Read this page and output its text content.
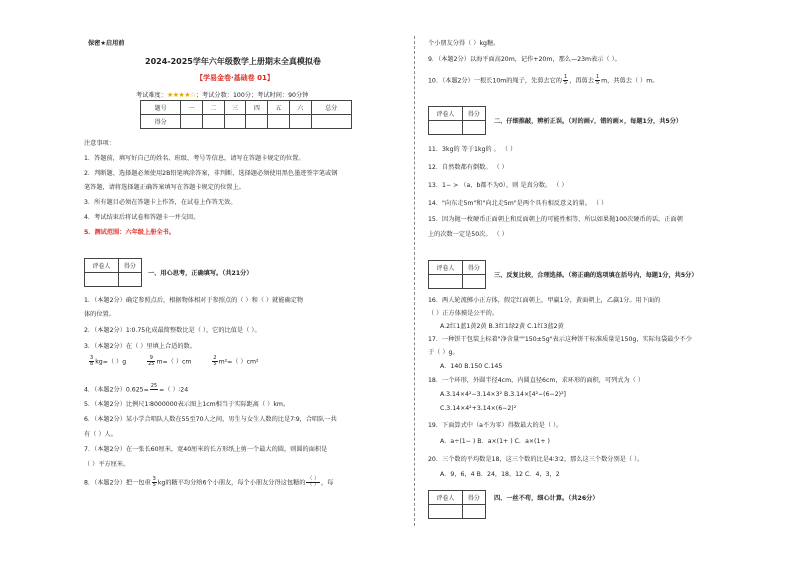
保密★启用前
2024-2025学年六年级数学上册期末全真模拟卷
【学易金卷·基础卷 01】
考试难度：★★★★☆；考试分数：100分；考试时间：90分钟
题号	一	二	三	四	五	六	总分
得分							
注意事项：
1．答题前，填写好自己的姓名、班级、考号等信息，请写在答题卡规定的位置。
2．判断题、选择题必须使用2B铅笔填涂答案，非判断、选择题必须使用黑色墨迹签字笔或钢
笔答题，请将选择题正确答案填写在答题卡规定的位置上。
3．所有题目必须在答题卡上作答，在试卷上作答无效。
4．考试结束后将试卷和答题卡一并交回。
5．测试范围：六年级上册全书。
评卷人	得分

一、用心思考，正确填写。（共21分）
1．（本题2分）确定参照点后，根据物体相对于参照点的（ ）和（ ）就能确定物
体的位置。
2．（本题2分）1∶0.75化成最简整数比是（ ），它的比值是（ ）。
3．（本题2分）在（ ）里填上合适的数。
$\frac{3}{8} kg=$（ ）g	$\frac{9}{25} m=$（ ）cm	$\frac{2}{5} m^2=$（ ）cm²
4．（本题2分）0.625=
25

=（ ）∶24
5．（本题2分）比例尺1∶8000000表示图上1cm相当于实际距离（ ）km。
6．（本题2分）某小学合唱队人数在55至70人之间，男生与女生人数的比是7∶9，合唱队一共
有（ ）人。
7．（本题2分）在一张长60厘米，宽40厘米的长方形纸上剪一个最大的圆，则圆的面积是
（ ）平方厘米。
8．（本题2分）把一包重 $\frac{3}{5}$ kg的糖平均分给6个小朋友，每个小朋友分得这包糖的 $\frac{( )}{( )}$ ，每
个小朋友分得（ ）kg糖。
9．（本题2分）以海平面高20m，记作+20m，那么—23m表示（ ）。
10．（本题2分）一根长10m的绳子，先剪去它的 $\frac{1}{5}$ ，再剪去 $\frac{1}{5}$ m，共剪去（ ）m。
评卷人	得分

二、仔细推敲，辨析正误。（对的画√，错的画×，每题1分，共5分）
11．3kg的 等于1kg的 。 （ ）
12．自然数都有倒数。 （ ）
13．1− > （a、b都不为0），则 是真分数。 （ ）
14．"向东走5m"和"向北走5m"是两个具有相反意义的量。 （ ）
15．因为抛一枚硬币正面朝上和反面朝上的可能性相等，所以如果抛100次硬币的话，正面朝
上的次数一定是50次。 （ ）
评卷人	得分

三、反复比较，合理选择。（将正确的选项填在括号内，每题1分，共5分）
16．两人轮流掷小正方体，假定红面朝上，甲赢1分，黄面朝上，乙赢1分。用下面的
（ ）正方体摸是公平的。
A.2红1蓝1黄2黄 B.3红1绿2黄 C.1红3蓝2黄
17．一种饼干包装上标着"净含量""150±5g"表示这种饼干标准质量是150g，实际每袋最少不少
于（ ）g。
A．140 B.150 C.145
18．一个环形，外圆半径4cm，内圆直径6cm，求环形的面积，可列式为（ ）
A.3.14×4²−3.14×3² B.3.14×[4²−(6−2)²]
C.3.14×4²+3.14×(6−2)²
19．下面算式中（a不为零）得数最大的是（ ）。
A．a÷(1− ) B．a×(1+ ) C．a×(1+ )
20．三个数的平均数是18，这三个数的比是4∶3∶2，那么这三个数分别是（ ）。
A．9，6，4 B．24，18，12 C．4，3，2
评卷人	得分
	四、一丝不苟，细心计算。（共26分）
